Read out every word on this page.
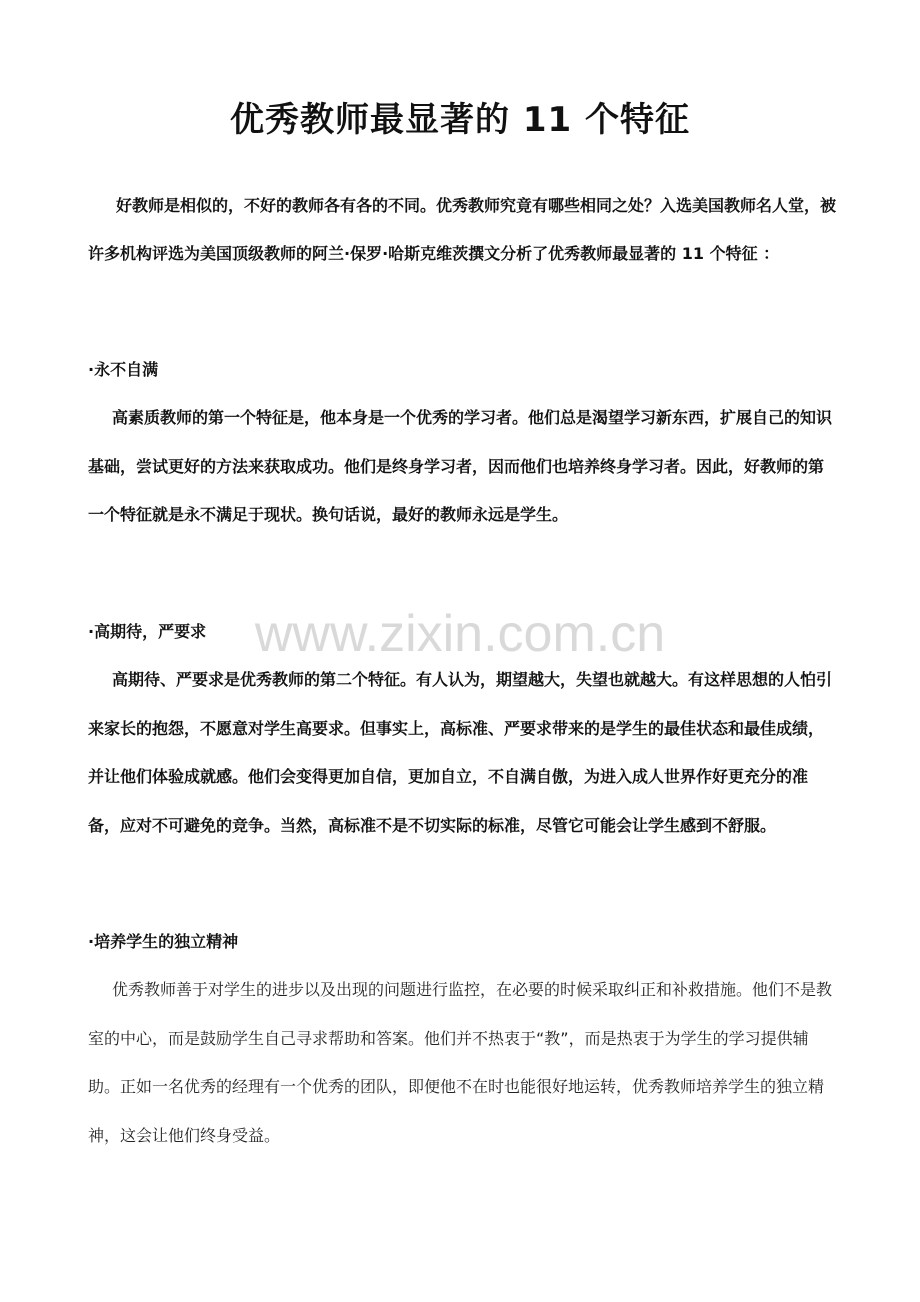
www.zixin.com.cn
优秀教师最显著的 11 个特征

好教师是相似的，不好的教师各有各的不同。优秀教师究竟有哪些相同之处？入选美国教师名人堂，被许多机构评选为美国顶级教师的阿兰·保罗·哈斯克维茨撰文分析了优秀教师最显著的 11 个特征 ：

·永不自满

高素质教师的第一个特征是，他本身是一个优秀的学习者。他们总是渴望学习新东西，扩展自己的知识基础，尝试更好的方法来获取成功。他们是终身学习者，因而他们也培养终身学习者。因此，好教师的第一个特征就是永不满足于现状。换句话说，最好的教师永远是学生。

·高期待，严要求

高期待、严要求是优秀教师的第二个特征。有人认为，期望越大，失望也就越大。有这样思想的人怕引来家长的抱怨，不愿意对学生高要求。但事实上，高标准、严要求带来的是学生的最佳状态和最佳成绩，并让他们体验成就感。他们会变得更加自信，更加自立，不自满自傲，为进入成人世界作好更充分的准备，应对不可避免的竞争。当然，高标准不是不切实际的标准，尽管它可能会让学生感到不舒服。

·培养学生的独立精神

优秀教师善于对学生的进步以及出现的问题进行监控，在必要的时候采取纠正和补救措施。他们不是教室的中心，而是鼓励学生自己寻求帮助和答案。他们并不热衷于“教”，而是热衷于为学生的学习提供辅助。正如一名优秀的经理有一个优秀的团队，即便他不在时也能很好地运转，优秀教师培养学生的独立精神，这会让他们终身受益。
